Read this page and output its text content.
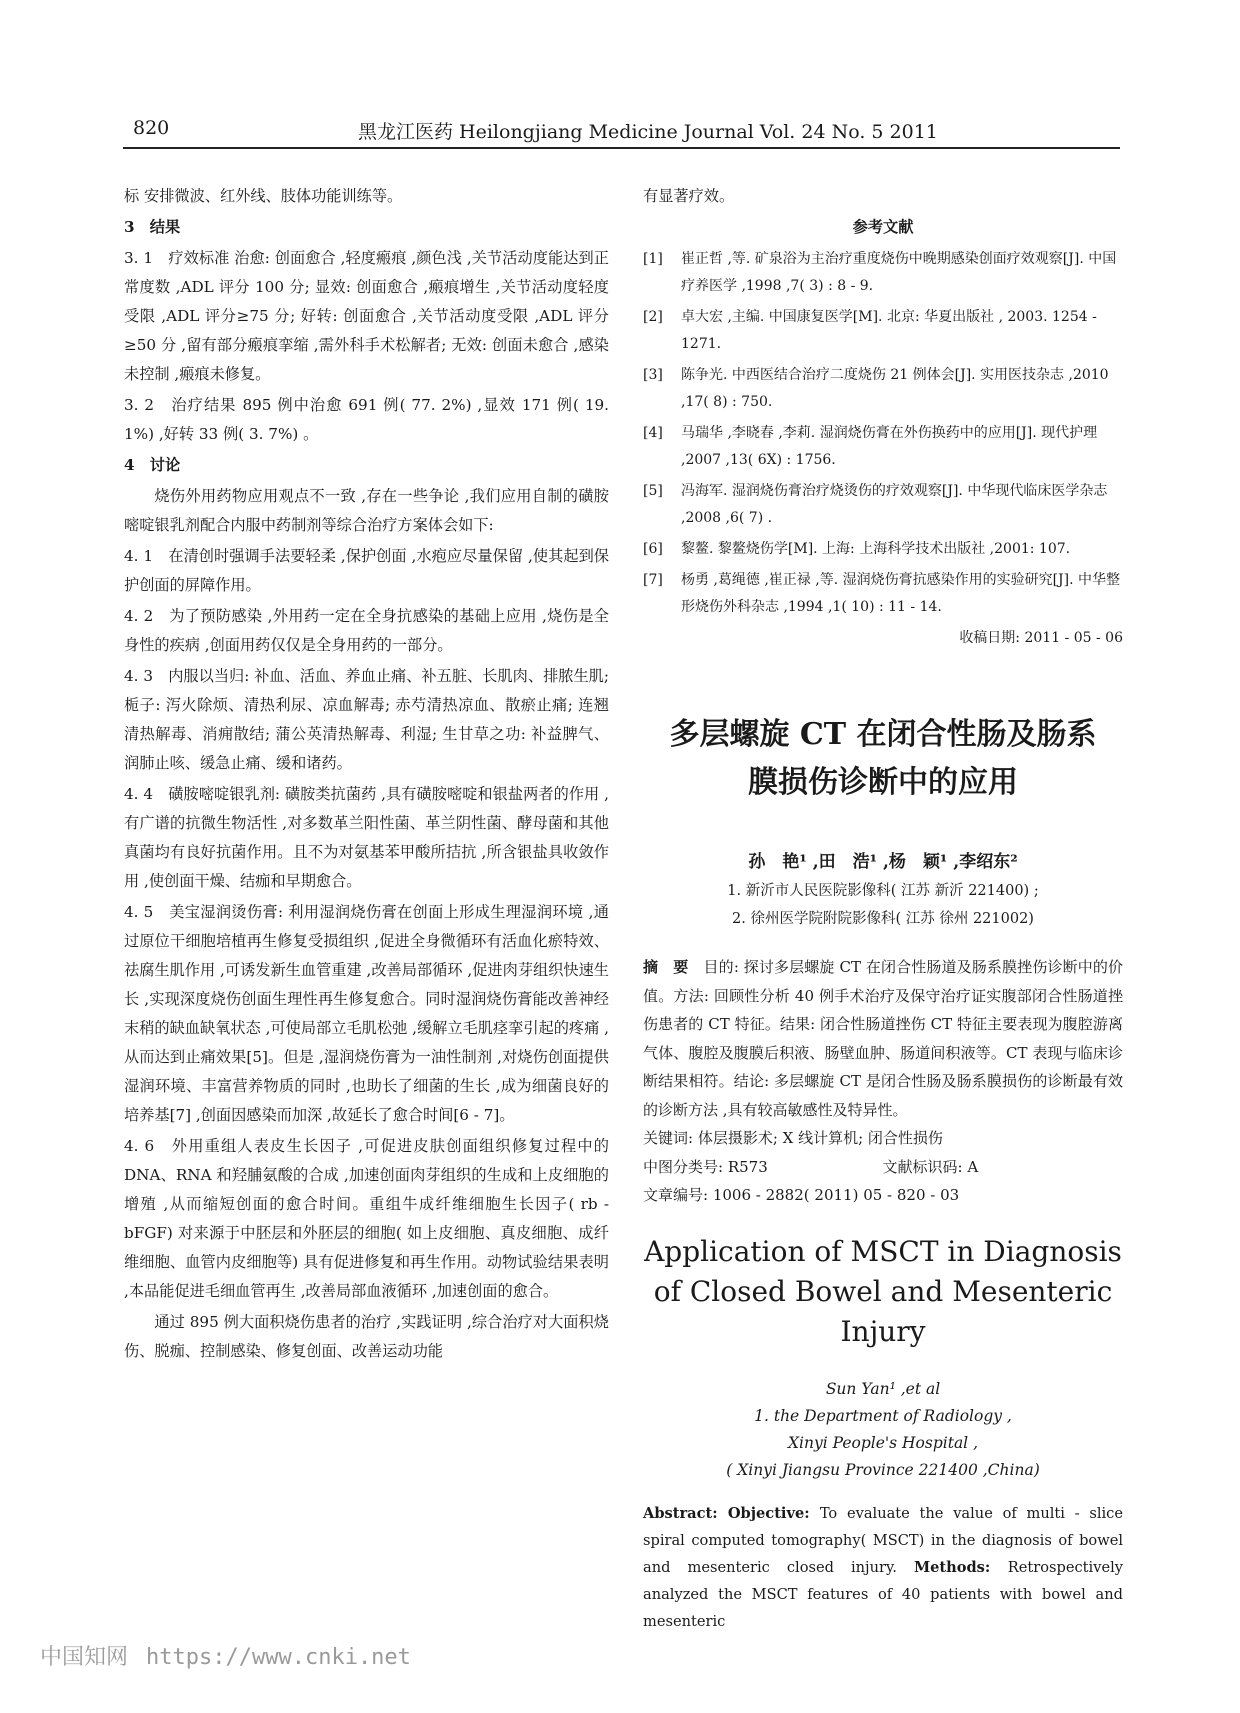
820	黑龙江医药 Heilongjiang Medicine Journal Vol. 24 No. 5 2011

标 安排微波、红外线、肢体功能训练等。

3　结果

3. 1　疗效标准 治愈: 创面愈合 ,轻度瘢痕 ,颜色浅 ,关节活动度能达到正常度数 ,ADL 评分 100 分; 显效: 创面愈合 ,瘢痕增生 ,关节活动度轻度受限 ,ADL 评分≥75 分; 好转: 创面愈合 ,关节活动度受限 ,ADL 评分≥50 分 ,留有部分瘢痕挛缩 ,需外科手术松解者; 无效: 创面未愈合 ,感染未控制 ,瘢痕未修复。

3. 2　治疗结果 895 例中治愈 691 例( 77. 2%) ,显效 171 例( 19. 1%) ,好转 33 例( 3. 7%) 。

4　讨论

烧伤外用药物应用观点不一致 ,存在一些争论 ,我们应用自制的磺胺嘧啶银乳剂配合内服中药制剂等综合治疗方案体会如下:

4. 1　在清创时强调手法要轻柔 ,保护创面 ,水疱应尽量保留 ,使其起到保护创面的屏障作用。

4. 2　为了预防感染 ,外用药一定在全身抗感染的基础上应用 ,烧伤是全身性的疾病 ,创面用药仅仅是全身用药的一部分。

4. 3　内服以当归: 补血、活血、养血止痛、补五脏、长肌肉、排脓生肌; 栀子: 泻火除烦、清热利尿、凉血解毒; 赤芍清热凉血、散瘀止痛; 连翘清热解毒、消痈散结; 蒲公英清热解毒、利湿; 生甘草之功: 补益脾气、润肺止咳、缓急止痛、缓和诸药。

4. 4　磺胺嘧啶银乳剂: 磺胺类抗菌药 ,具有磺胺嘧啶和银盐两者的作用 ,有广谱的抗微生物活性 ,对多数革兰阳性菌、革兰阴性菌、酵母菌和其他真菌均有良好抗菌作用。且不为对氨基苯甲酸所拮抗 ,所含银盐具收敛作用 ,使创面干燥、结痂和早期愈合。

4. 5　美宝湿润烫伤膏: 利用湿润烧伤膏在创面上形成生理湿润环境 ,通过原位干细胞培植再生修复受损组织 ,促进全身微循环有活血化瘀特效、祛腐生肌作用 ,可诱发新生血管重建 ,改善局部循环 ,促进肉芽组织快速生长 ,实现深度烧伤创面生理性再生修复愈合。同时湿润烧伤膏能改善神经末稍的缺血缺氧状态 ,可使局部立毛肌松弛 ,缓解立毛肌痉挛引起的疼痛 ,从而达到止痛效果[5]。但是 ,湿润烧伤膏为一油性制剂 ,对烧伤创面提供湿润环境、丰富营养物质的同时 ,也助长了细菌的生长 ,成为细菌良好的培养基[7] ,创面因感染而加深 ,故延长了愈合时间[6 - 7]。

4. 6　外用重组人表皮生长因子 ,可促进皮肤创面组织修复过程中的 DNA、RNA 和羟脯氨酸的合成 ,加速创面肉芽组织的生成和上皮细胞的增殖 ,从而缩短创面的愈合时间。重组牛成纤维细胞生长因子( rb - bFGF) 对来源于中胚层和外胚层的细胞( 如上皮细胞、真皮细胞、成纤维细胞、血管内皮细胞等) 具有促进修复和再生作用。动物试验结果表明 ,本品能促进毛细血管再生 ,改善局部血液循环 ,加速创面的愈合。

通过 895 例大面积烧伤患者的治疗 ,实践证明 ,综合治疗对大面积烧伤、脱痂、控制感染、修复创面、改善运动功能

有显著疗效。

参考文献
[1]	崔正哲 ,等. 矿泉浴为主治疗重度烧伤中晚期感染创面疗效观察[J]. 中国疗养医学 ,1998 ,7( 3) : 8 - 9.
[2]	卓大宏 ,主编. 中国康复医学[M]. 北京: 华夏出版社 , 2003. 1254 - 1271.
[3]	陈争光. 中西医结合治疗二度烧伤 21 例体会[J]. 实用医技杂志 ,2010 ,17( 8) : 750.
[4]	马瑞华 ,李晓春 ,李莉. 湿润烧伤膏在外伤换药中的应用[J]. 现代护理 ,2007 ,13( 6X) : 1756.
[5]	冯海军. 湿润烧伤膏治疗烧烫伤的疗效观察[J]. 中华现代临床医学杂志 ,2008 ,6( 7) .
[6]	黎鳌. 黎鳌烧伤学[M]. 上海: 上海科学技术出版社 ,2001: 107.
[7]	杨勇 ,葛绳德 ,崔正禄 ,等. 湿润烧伤膏抗感染作用的实验研究[J]. 中华整形烧伤外科杂志 ,1994 ,1( 10) : 11 - 14.
收稿日期: 2011 - 05 - 06
多层螺旋 CT 在闭合性肠及肠系
膜损伤诊断中的应用
孙　艳¹ ,田　浩¹ ,杨　颖¹ ,李绍东²
1. 新沂市人民医院影像科( 江苏 新沂 221400) ;
2. 徐州医学院附院影像科( 江苏 徐州 221002)
摘　要　 目的: 探讨多层螺旋 CT 在闭合性肠道及肠系膜挫伤诊断中的价值。方法: 回顾性分析 40 例手术治疗及保守治疗证实腹部闭合性肠道挫伤患者的 CT 特征。结果: 闭合性肠道挫伤 CT 特征主要表现为腹腔游离气体、腹腔及腹膜后积液、肠壁血肿、肠道间积液等。CT 表现与临床诊断结果相符。结论: 多层螺旋 CT 是闭合性肠及肠系膜损伤的诊断最有效的诊断方法 ,具有较高敏感性及特异性。
关键词: 体层摄影术; X 线计算机; 闭合性损伤
中图分类号: R573	文献标识码: A
文章编号: 1006 - 2882( 2011) 05 - 820 - 03
Application of MSCT in Diagnosis
of Closed Bowel and Mesenteric Injury
Sun Yan¹ ,et al
1. the Department of Radiology ,
Xinyi People's Hospital ,
( Xinyi Jiangsu Province 221400 ,China)
Abstract: Objective: To evaluate the value of multi - slice spiral computed tomography( MSCT) in the diagnosis of bowel and mesenteric closed injury. Methods: Retrospectively analyzed the MSCT features of 40 patients with bowel and mesenteric
中国知网 https://www.cnki.net
